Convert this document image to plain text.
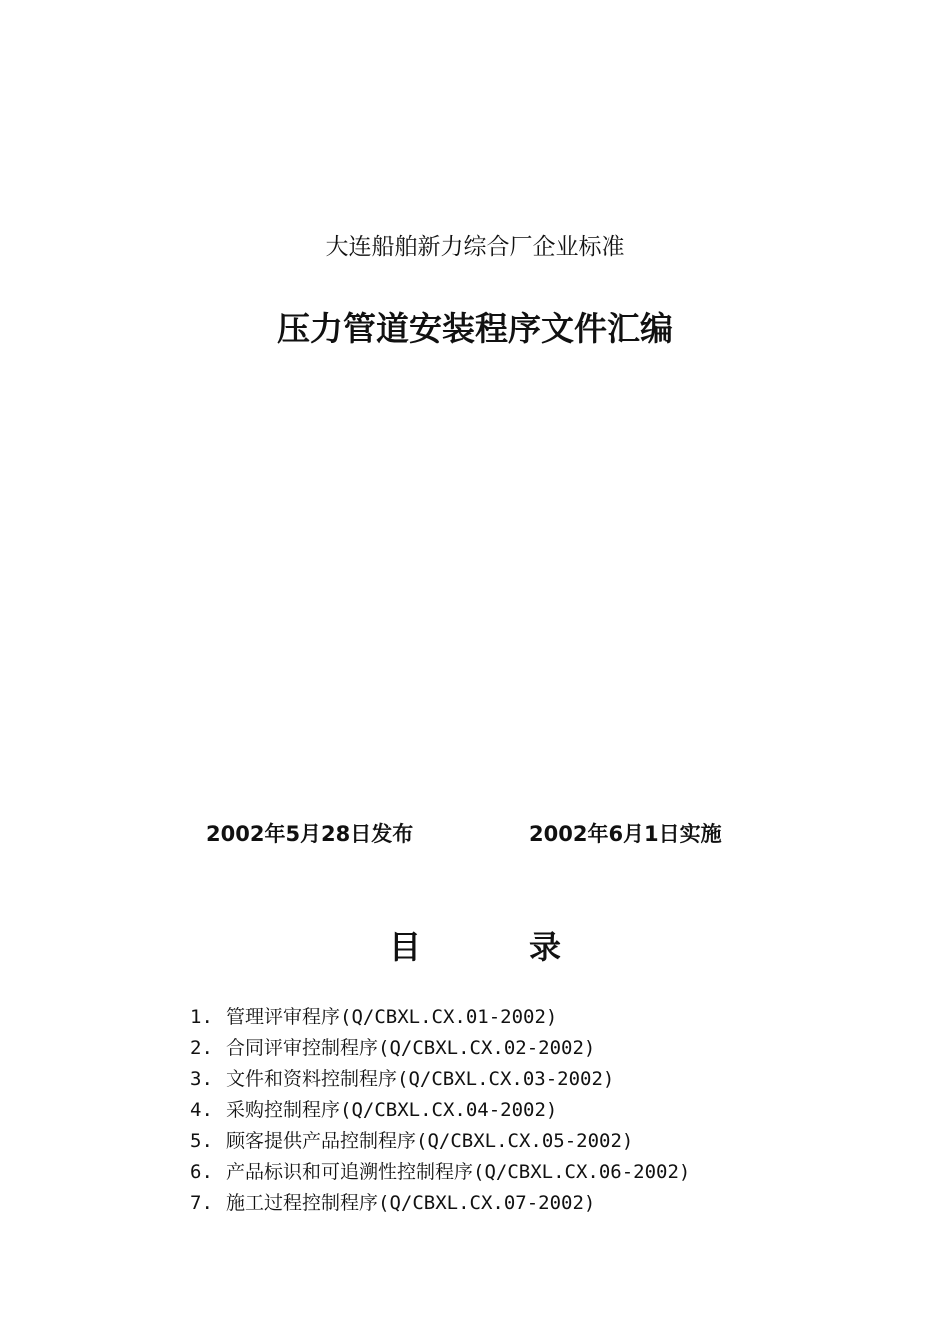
大连船舶新力综合厂企业标准
压力管道安装程序文件汇编
2002年5月28日发布	2002年6月1日实施
目	录
1. 管理评审程序(Q/CBXL.CX.01-2002)
2. 合同评审控制程序(Q/CBXL.CX.02-2002)
3. 文件和资料控制程序(Q/CBXL.CX.03-2002)
4. 采购控制程序(Q/CBXL.CX.04-2002)
5. 顾客提供产品控制程序(Q/CBXL.CX.05-2002)
6. 产品标识和可追溯性控制程序(Q/CBXL.CX.06-2002)
7. 施工过程控制程序(Q/CBXL.CX.07-2002)
